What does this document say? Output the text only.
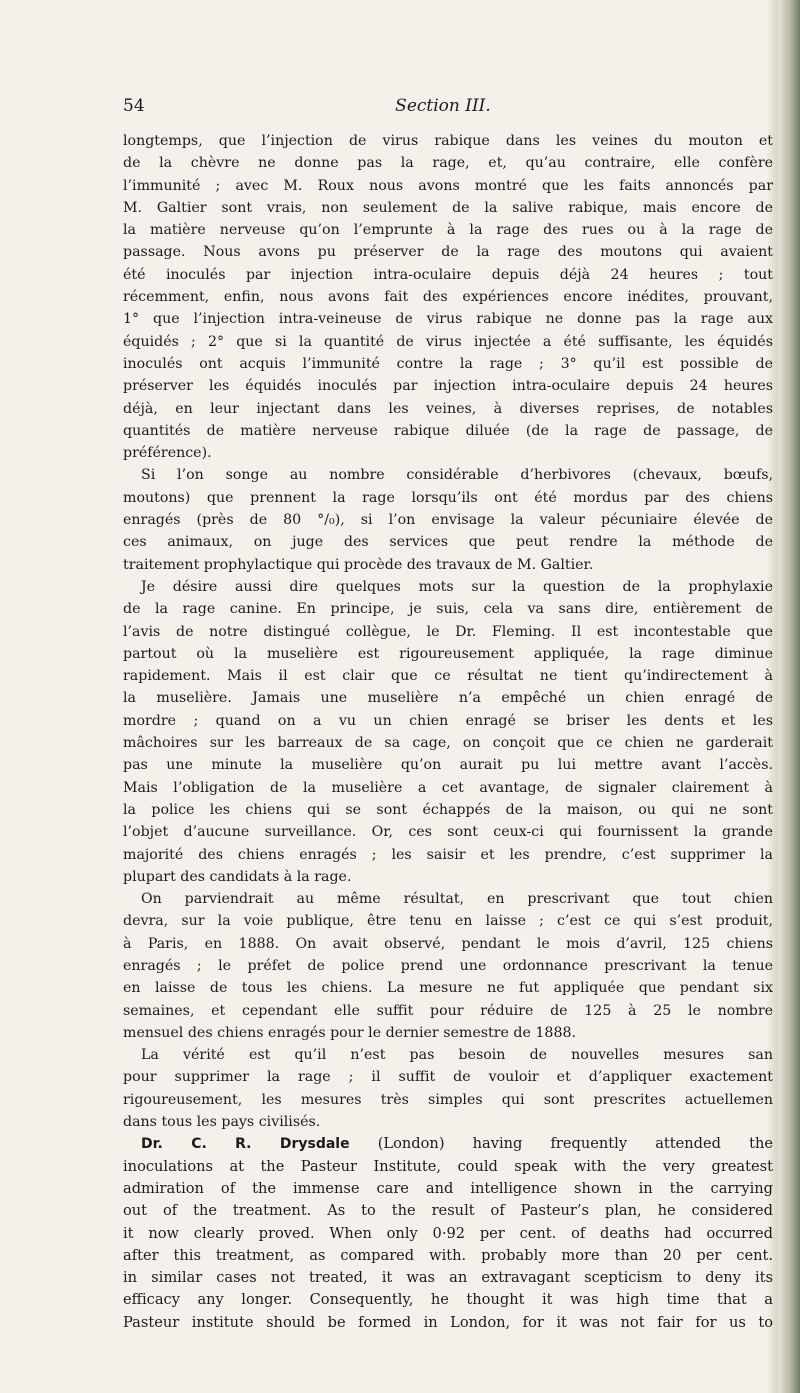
54	Section III.
longtemps, que l’injection de virus rabique dans les veines du mouton et
de la chèvre ne donne pas la rage, et, qu’au contraire, elle confère
l’immunité ; avec M. Roux nous avons montré que les faits annoncés par
M. Galtier sont vrais, non seulement de la salive rabique, mais encore de
la matière nerveuse qu’on l’emprunte à la rage des rues ou à la rage de
passage. Nous avons pu préserver de la rage des moutons qui avaient
été inoculés par injection intra-oculaire depuis déjà 24 heures ; tout
récemment, enfin, nous avons fait des expériences encore inédites, prouvant,
1° que l’injection intra-veineuse de virus rabique ne donne pas la rage aux
équidés ; 2° que si la quantité de virus injectée a été suffisante, les équidés
inoculés ont acquis l’immunité contre la rage ; 3° qu’il est possible de
préserver les équidés inoculés par injection intra-oculaire depuis 24 heures
déjà, en leur injectant dans les veines, à diverses reprises, de notables
quantités de matière nerveuse rabique diluée (de la rage de passage, de
préférence).
Si l’on songe au nombre considérable d’herbivores (chevaux, bœufs,
moutons) que prennent la rage lorsqu’ils ont été mordus par des chiens
enragés (près de 80 °/₀), si l’on envisage la valeur pécuniaire élevée de
ces animaux, on juge des services que peut rendre la méthode de
traitement prophylactique qui procède des travaux de M. Galtier.
Je désire aussi dire quelques mots sur la question de la prophylaxie
de la rage canine. En principe, je suis, cela va sans dire, entièrement de
l’avis de notre distingué collègue, le Dr. Fleming. Il est incontestable que
partout où la muselière est rigoureusement appliquée, la rage diminue
rapidement. Mais il est clair que ce résultat ne tient qu’indirectement à
la muselière. Jamais une muselière n’a empêché un chien enragé de
mordre ; quand on a vu un chien enragé se briser les dents et les
mâchoires sur les barreaux de sa cage, on conçoit que ce chien ne garderait
pas une minute la muselière qu’on aurait pu lui mettre avant l’accès.
Mais l’obligation de la muselière a cet avantage, de signaler clairement à
la police les chiens qui se sont échappés de la maison, ou qui ne sont
l’objet d’aucune surveillance. Or, ces sont ceux-ci qui fournissent la grande
majorité des chiens enragés ; les saisir et les prendre, c’est supprimer la
plupart des candidats à la rage.
On parviendrait au même résultat, en prescrivant que tout chien
devra, sur la voie publique, être tenu en laisse ; c’est ce qui s’est produit,
à Paris, en 1888. On avait observé, pendant le mois d’avril, 125 chiens
enragés ; le préfet de police prend une ordonnance prescrivant la tenue
en laisse de tous les chiens. La mesure ne fut appliquée que pendant six
semaines, et cependant elle suffit pour réduire de 125 à 25 le nombre
mensuel des chiens enragés pour le dernier semestre de 1888.
La vérité est qu’il n’est pas besoin de nouvelles mesures san
pour supprimer la rage ; il suffit de vouloir et d’appliquer exactement
rigoureusement, les mesures très simples qui sont prescrites actuellemen
dans tous les pays civilisés.
Dr. C. R. Drysdale (London) having frequently attended the
inoculations at the Pasteur Institute, could speak with the very greatest
admiration of the immense care and intelligence shown in the carrying
out of the treatment. As to the result of Pasteur’s plan, he considered
it now clearly proved. When only 0·92 per cent. of deaths had occurred
after this treatment, as compared with. probably more than 20 per cent.
in similar cases not treated, it was an extravagant scepticism to deny its
efficacy any longer. Consequently, he thought it was high time that a
Pasteur institute should be formed in London, for it was not fair for us to
